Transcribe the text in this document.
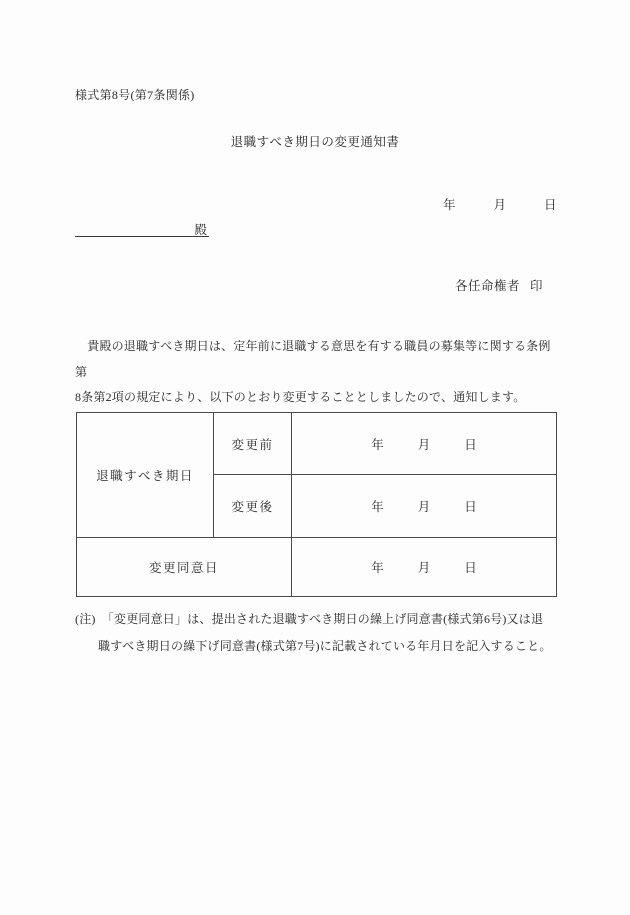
様式第8号(第7条関係)
退職すべき期日の変更通知書
年	月	日
殿
各任命権者 印
　貴殿の退職すべき期日は、定年前に退職する意思を有する職員の募集等に関する条例第
8条第2項の規定により、以下のとおり変更することとしましたので、通知します。
退職すべき期日	変更前	年 月 日

	変更後	年 月 日

変更同意日		年 月 日
(注)　「変更同意日」は、提出された退職すべき期日の繰上げ同意書(様式第6号)又は退
職すべき期日の繰下げ同意書(様式第7号)に記載されている年月日を記入すること。
